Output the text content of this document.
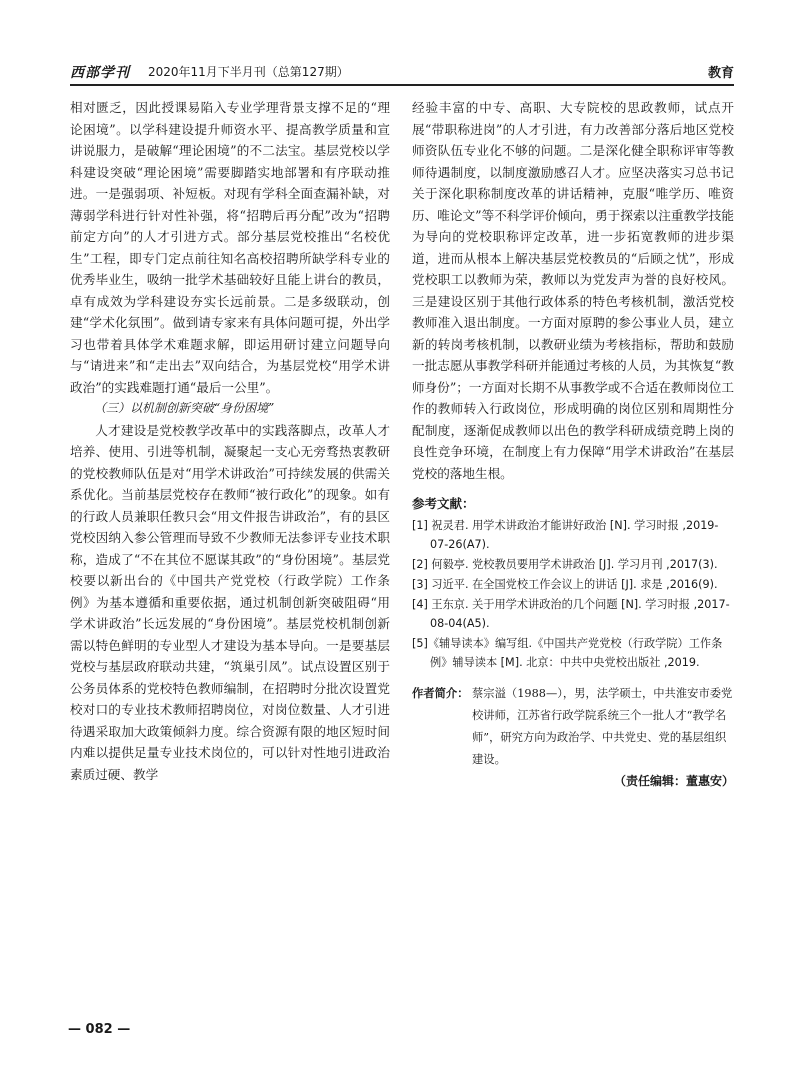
西部学刊 2020年11月下半月刊（总第127期）	教育

相对匮乏，因此授课易陷入专业学理背景支撑不足的“理论困境”。以学科建设提升师资水平、提高教学质量和宣讲说服力，是破解“理论困境”的不二法宝。基层党校以学科建设突破“理论困境”需要脚踏实地部署和有序联动推进。一是强弱项、补短板。对现有学科全面查漏补缺，对薄弱学科进行针对性补强，将“招聘后再分配”改为“招聘前定方向”的人才引进方式。部分基层党校推出“名校优生”工程，即专门定点前往知名高校招聘所缺学科专业的优秀毕业生，吸纳一批学术基础较好且能上讲台的教员，卓有成效为学科建设夯实长远前景。二是多级联动，创建“学术化氛围”。做到请专家来有具体问题可提，外出学习也带着具体学术难题求解，即运用研讨建立问题导向与“请进来”和“走出去”双向结合，为基层党校“用学术讲政治”的实践难题打通“最后一公里”。

（三）以机制创新突破“身份困境”

人才建设是党校教学改革中的实践落脚点，改革人才培养、使用、引进等机制，凝聚起一支心无旁骛热衷教研的党校教师队伍是对“用学术讲政治”可持续发展的供需关系优化。当前基层党校存在教师“被行政化”的现象。如有的行政人员兼职任教只会“用文件报告讲政治”，有的县区党校因纳入参公管理而导致不少教师无法参评专业技术职称，造成了“不在其位不愿谋其政”的“身份困境”。基层党校要以新出台的《中国共产党党校（行政学院）工作条例》为基本遵循和重要依据，通过机制创新突破阻碍“用学术讲政治”长远发展的“身份困境”。基层党校机制创新需以特色鲜明的专业型人才建设为基本导向。一是要基层党校与基层政府联动共建，“筑巢引凤”。试点设置区别于公务员体系的党校特色教师编制，在招聘时分批次设置党校对口的专业技术教师招聘岗位，对岗位数量、人才引进待遇采取加大政策倾斜力度。综合资源有限的地区短时间内难以提供足量专业技术岗位的，可以针对性地引进政治素质过硬、教学

经验丰富的中专、高职、大专院校的思政教师，试点开展“带职称进岗”的人才引进，有力改善部分落后地区党校师资队伍专业化不够的问题。二是深化健全职称评审等教师待遇制度，以制度激励感召人才。应坚决落实习总书记关于深化职称制度改革的讲话精神，克服“唯学历、唯资历、唯论文”等不科学评价倾向，勇于探索以注重教学技能为导向的党校职称评定改革，进一步拓宽教师的进步渠道，进而从根本上解决基层党校教员的“后顾之忧”，形成党校职工以教师为荣，教师以为党发声为誉的良好校风。三是建设区别于其他行政体系的特色考核机制，激活党校教师准入退出制度。一方面对原聘的参公事业人员，建立新的转岗考核机制，以教研业绩为考核指标，帮助和鼓励一批志愿从事教学科研并能通过考核的人员，为其恢复“教师身份”；一方面对长期不从事教学或不合适在教师岗位工作的教师转入行政岗位，形成明确的岗位区别和周期性分配制度，逐渐促成教师以出色的教学科研成绩竞聘上岗的良性竞争环境，在制度上有力保障“用学术讲政治”在基层党校的落地生根。

参考文献：

[1] 祝灵君. 用学术讲政治才能讲好政治 [N]. 学习时报 ,2019-07-26(A7).

[2] 何毅亭. 党校教员要用学术讲政治 [J]. 学习月刊 ,2017(3).

[3] 习近平. 在全国党校工作会议上的讲话 [J]. 求是 ,2016(9).

[4] 王东京. 关于用学术讲政治的几个问题 [N]. 学习时报 ,2017-08-04(A5).

[5]《辅导读本》编写组.《中国共产党党校（行政学院）工作条例》辅导读本 [M]. 北京：中共中央党校出版社 ,2019.

作者简介： 蔡宗溢（1988—），男，法学硕士，中共淮安市委党校讲师，江苏省行政学院系统三个一批人才“教学名师”，研究方向为政治学、中共党史、党的基层组织建设。
（责任编辑：董惠安）
— 082 —
